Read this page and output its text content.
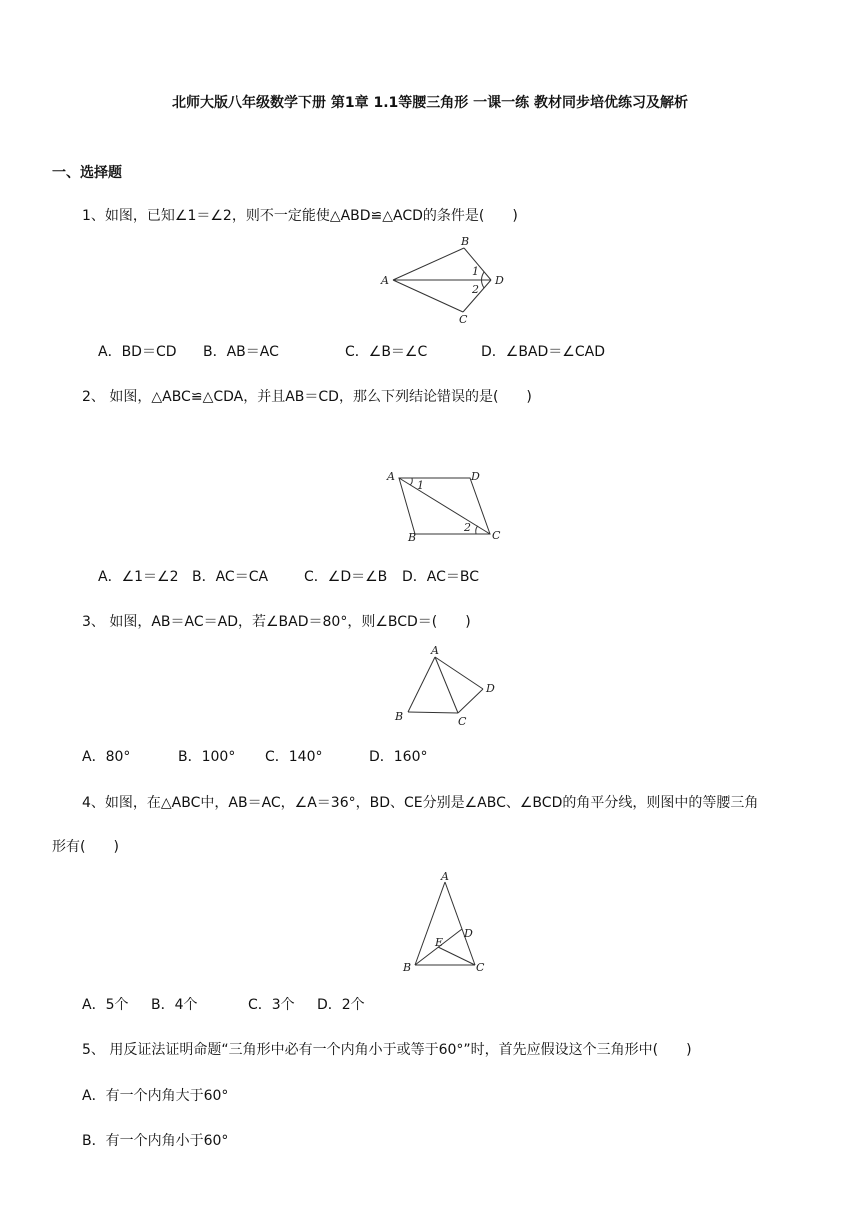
北师大版八年级数学下册 第1章 1.1等腰三角形 一课一练 教材同步培优练习及解析
一、选择题
1、如图，已知∠1＝∠2，则不一定能使△ABD≌△ACD的条件是(　　)
A
B
C
D
1
2
A．BD＝CD B．AB＝AC	C．∠B＝∠C	D．∠BAD＝∠CAD
2、 如图，△ABC≌△CDA，并且AB＝CD，那么下列结论错误的是(　　)
A	D
B	C
1
2
A．∠1＝∠2 B．AC＝CA	C．∠D＝∠B D．AC＝BC
3、 如图，AB＝AC＝AD，若∠BAD＝80°，则∠BCD＝(　　)
A
B	C
D
A．80°	B．100° C．140°	D．160°
4、如图，在△ABC中，AB＝AC，∠A＝36°，BD、CE分别是∠ABC、∠BCD的角平分线，则图中的等腰三角
形有(　　)
A
B	C
D
E
A．5个 B．4个	C．3个 D．2个
5、 用反证法证明命题“三角形中必有一个内角小于或等于60°”时，首先应假设这个三角形中(　　)
A．有一个内角大于60°
B．有一个内角小于60°
